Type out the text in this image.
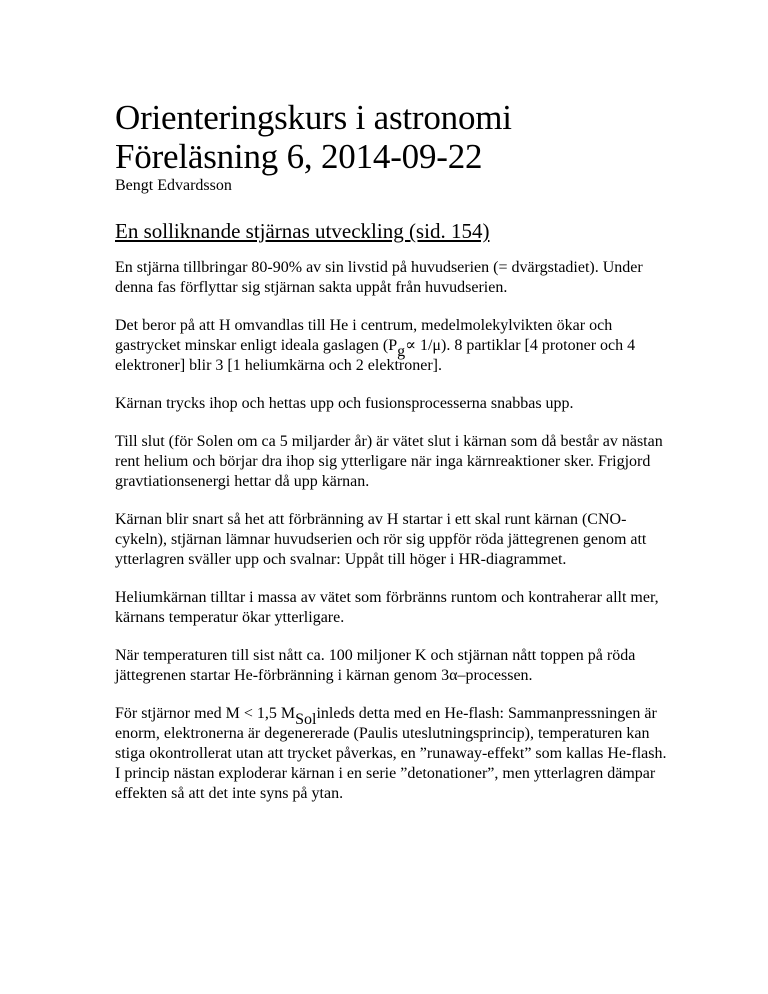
Orienteringskurs i astronomi
Föreläsning 6, 2014-09-22
Bengt Edvardsson
En solliknande stjärnas utveckling (sid. 154)
En stjärna tillbringar 80-90% av sin livstid på huvudserien (= dvärgstadiet). Under denna fas förflyttar sig stjärnan sakta uppåt från huvudserien.
Det beror på att H omvandlas till He i centrum, medelmolekylvikten ökar och gastrycket minskar enligt ideala gaslagen (Pg∝ 1/μ). 8 partiklar [4 protoner och 4 elektroner] blir 3 [1 heliumkärna och 2 elektroner].
Kärnan trycks ihop och hettas upp och fusionsprocesserna snabbas upp.
Till slut (för Solen om ca 5 miljarder år) är vätet slut i kärnan som då består av nästan rent helium och börjar dra ihop sig ytterligare när inga kärnreaktioner sker. Frigjord gravtiationsenergi hettar då upp kärnan.
Kärnan blir snart så het att förbränning av H startar i ett skal runt kärnan (CNO-cykeln), stjärnan lämnar huvudserien och rör sig uppför röda jättegrenen genom att ytterlagren sväller upp och svalnar: Uppåt till höger i HR-diagrammet.
Heliumkärnan tilltar i massa av vätet som förbränns runtom och kontraherar allt mer, kärnans temperatur ökar ytterligare.
När temperaturen till sist nått ca. 100 miljoner K och stjärnan nått toppen på röda jättegrenen startar He-förbränning i kärnan genom 3α–processen.
För stjärnor med M < 1,5 MSolinleds detta med en He-flash: Sammanpressningen är enorm, elektronerna är degenererade (Paulis uteslutningsprincip), temperaturen kan stiga okontrollerat utan att trycket påverkas, en ”runaway-effekt” som kallas He-flash. I princip nästan exploderar kärnan i en serie ”detonationer”, men ytterlagren dämpar effekten så att det inte syns på ytan.
